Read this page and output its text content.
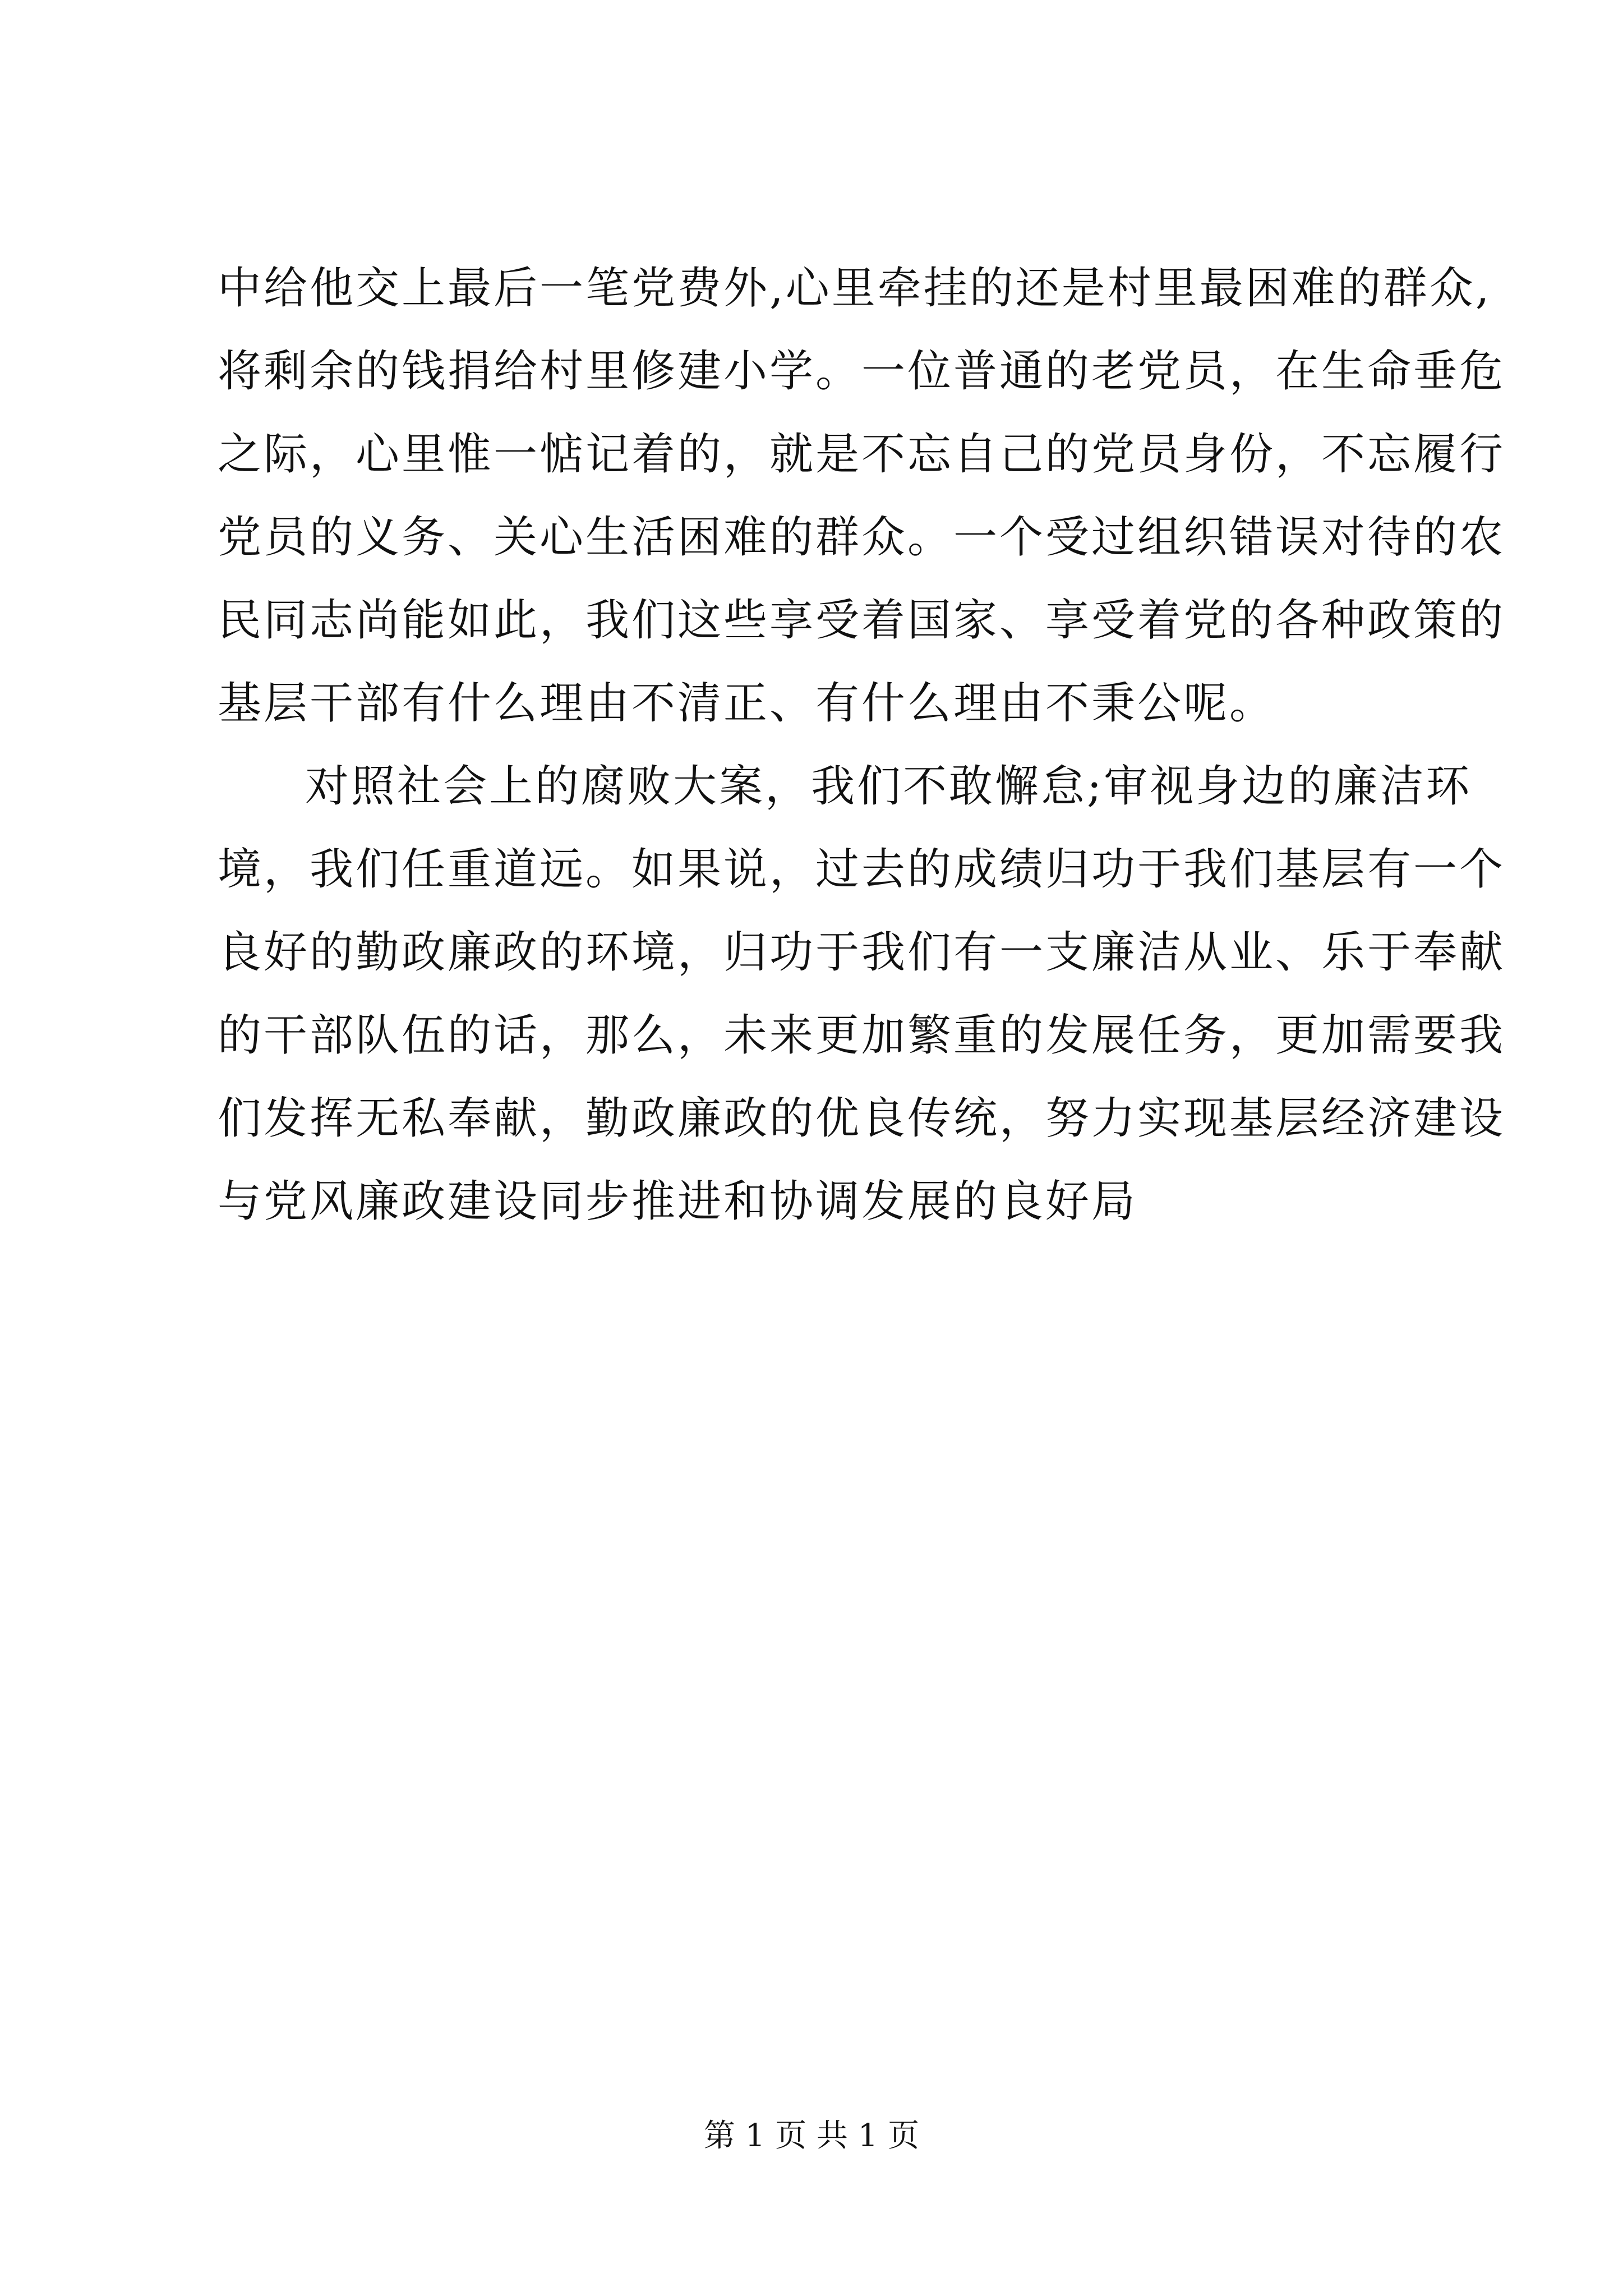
中给他交上最后一笔党费外,心里牵挂的还是村里最困难的群众,
将剩余的钱捐给村里修建小学。一位普通的老党员，在生命垂危
之际，心里惟一惦记着的，就是不忘自己的党员身份，不忘履行
党员的义务、关心生活困难的群众。一个受过组织错误对待的农
民同志尚能如此，我们这些享受着国家、享受着党的各种政策的
基层干部有什么理由不清正、有什么理由不秉公呢。
对照社会上的腐败大案，我们不敢懈怠;审视身边的廉洁环
境，我们任重道远。如果说，过去的成绩归功于我们基层有一个
良好的勤政廉政的环境，归功于我们有一支廉洁从业、乐于奉献
的干部队伍的话，那么，未来更加繁重的发展任务，更加需要我
们发挥无私奉献，勤政廉政的优良传统，努力实现基层经济建设
与党风廉政建设同步推进和协调发展的良好局
第 1 页 共 1 页
